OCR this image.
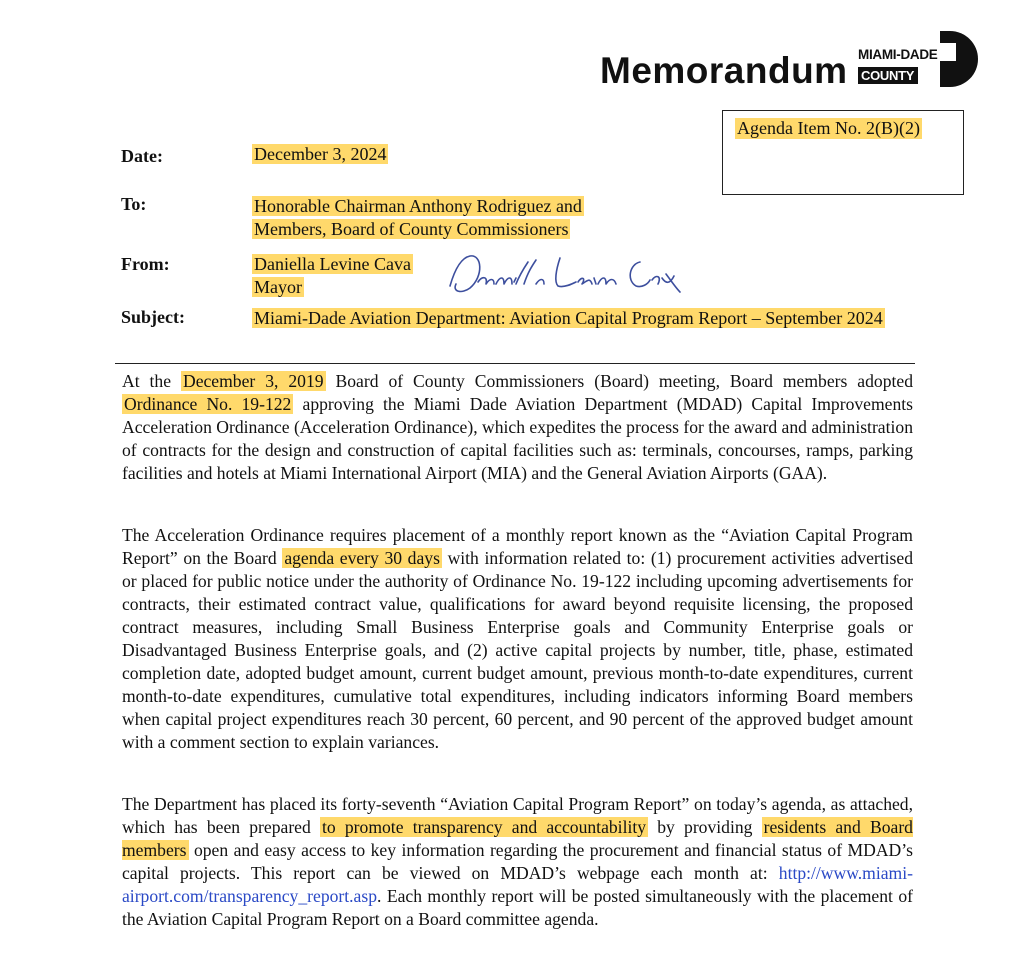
Memorandum MIAMI-DADE
COUNTY
Agenda Item No. 2(B)(2)
Date:	December 3, 2024
To:	Honorable Chairman Anthony Rodriguez and
Members, Board of County Commissioners
From:	Daniella Levine Cava
Mayor
Subject:	Miami-Dade Aviation Department: Aviation Capital Program Report – September 2024
At the December 3, 2019 Board of County Commissioners (Board) meeting, Board members adopted Ordinance No. 19-122 approving the Miami Dade Aviation Department (MDAD) Capital Improvements Acceleration Ordinance (Acceleration Ordinance), which expedites the process for the award and administration of contracts for the design and construction of capital facilities such as: terminals, concourses, ramps, parking facilities and hotels at Miami International Airport (MIA) and the General Aviation Airports (GAA).
The Acceleration Ordinance requires placement of a monthly report known as the “Aviation Capital Program Report” on the Board agenda every 30 days with information related to: (1) procurement activities advertised or placed for public notice under the authority of Ordinance No. 19-122 including upcoming advertisements for contracts, their estimated contract value, qualifications for award beyond requisite licensing, the proposed contract measures, including Small Business Enterprise goals and Community Enterprise goals or Disadvantaged Business Enterprise goals, and (2) active capital projects by number, title, phase, estimated completion date, adopted budget amount, current budget amount, previous month-to-date expenditures, current month-to-date expenditures, cumulative total expenditures, including indicators informing Board members when capital project expenditures reach 30 percent, 60 percent, and 90 percent of the approved budget amount with a comment section to explain variances.
The Department has placed its forty-seventh “Aviation Capital Program Report” on today’s agenda, as attached, which has been prepared to promote transparency and accountability by providing residents and Board members open and easy access to key information regarding the procurement and financial status of MDAD’s capital projects. This report can be viewed on MDAD’s webpage each month at: http://www.miami-airport.com/transparency_report.asp. Each monthly report will be posted simultaneously with the placement of the Aviation Capital Program Report on a Board committee agenda.
